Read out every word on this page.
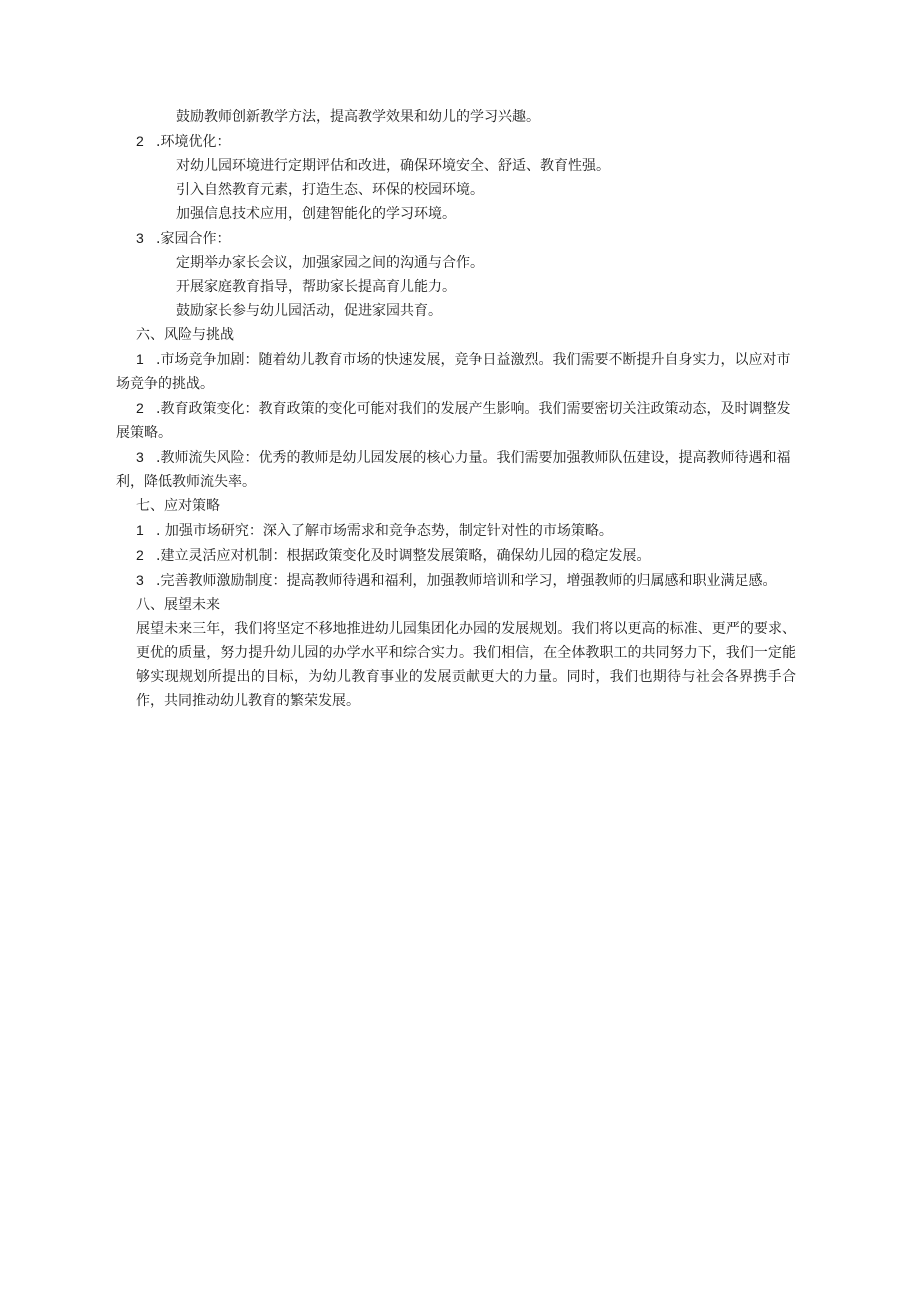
鼓励教师创新教学方法，提高教学效果和幼儿的学习兴趣。

2 .环境优化：

对幼儿园环境进行定期评估和改进，确保环境安全、舒适、教育性强。

引入自然教育元素，打造生态、环保的校园环境。

加强信息技术应用，创建智能化的学习环境。

3 .家园合作：

定期举办家长会议，加强家园之间的沟通与合作。

开展家庭教育指导，帮助家长提高育儿能力。

鼓励家长参与幼儿园活动，促进家园共育。

六、风险与挑战

1 .市场竞争加剧：随着幼儿教育市场的快速发展，竞争日益激烈。我们需要不断提升自身实力，以应对市场竞争的挑战。
2 .教育政策变化：教育政策的变化可能对我们的发展产生影响。我们需要密切关注政策动态，及时调整发展策略。
3 .教师流失风险：优秀的教师是幼儿园发展的核心力量。我们需要加强教师队伍建设，提高教师待遇和福利，降低教师流失率。

七、应对策略

1 . 加强市场研究：深入了解市场需求和竞争态势，制定针对性的市场策略。
2 .建立灵活应对机制：根据政策变化及时调整发展策略，确保幼儿园的稳定发展。
3 .完善教师激励制度：提高教师待遇和福利，加强教师培训和学习，增强教师的归属感和职业满足感。

八、展望未来

展望未来三年，我们将坚定不移地推进幼儿园集团化办园的发展规划。我们将以更高的标准、更严的要求、更优的质量，努力提升幼儿园的办学水平和综合实力。我们相信，在全体教职工的共同努力下，我们一定能够实现规划所提出的目标，为幼儿教育事业的发展贡献更大的力量。同时，我们也期待与社会各界携手合作，共同推动幼儿教育的繁荣发展。
